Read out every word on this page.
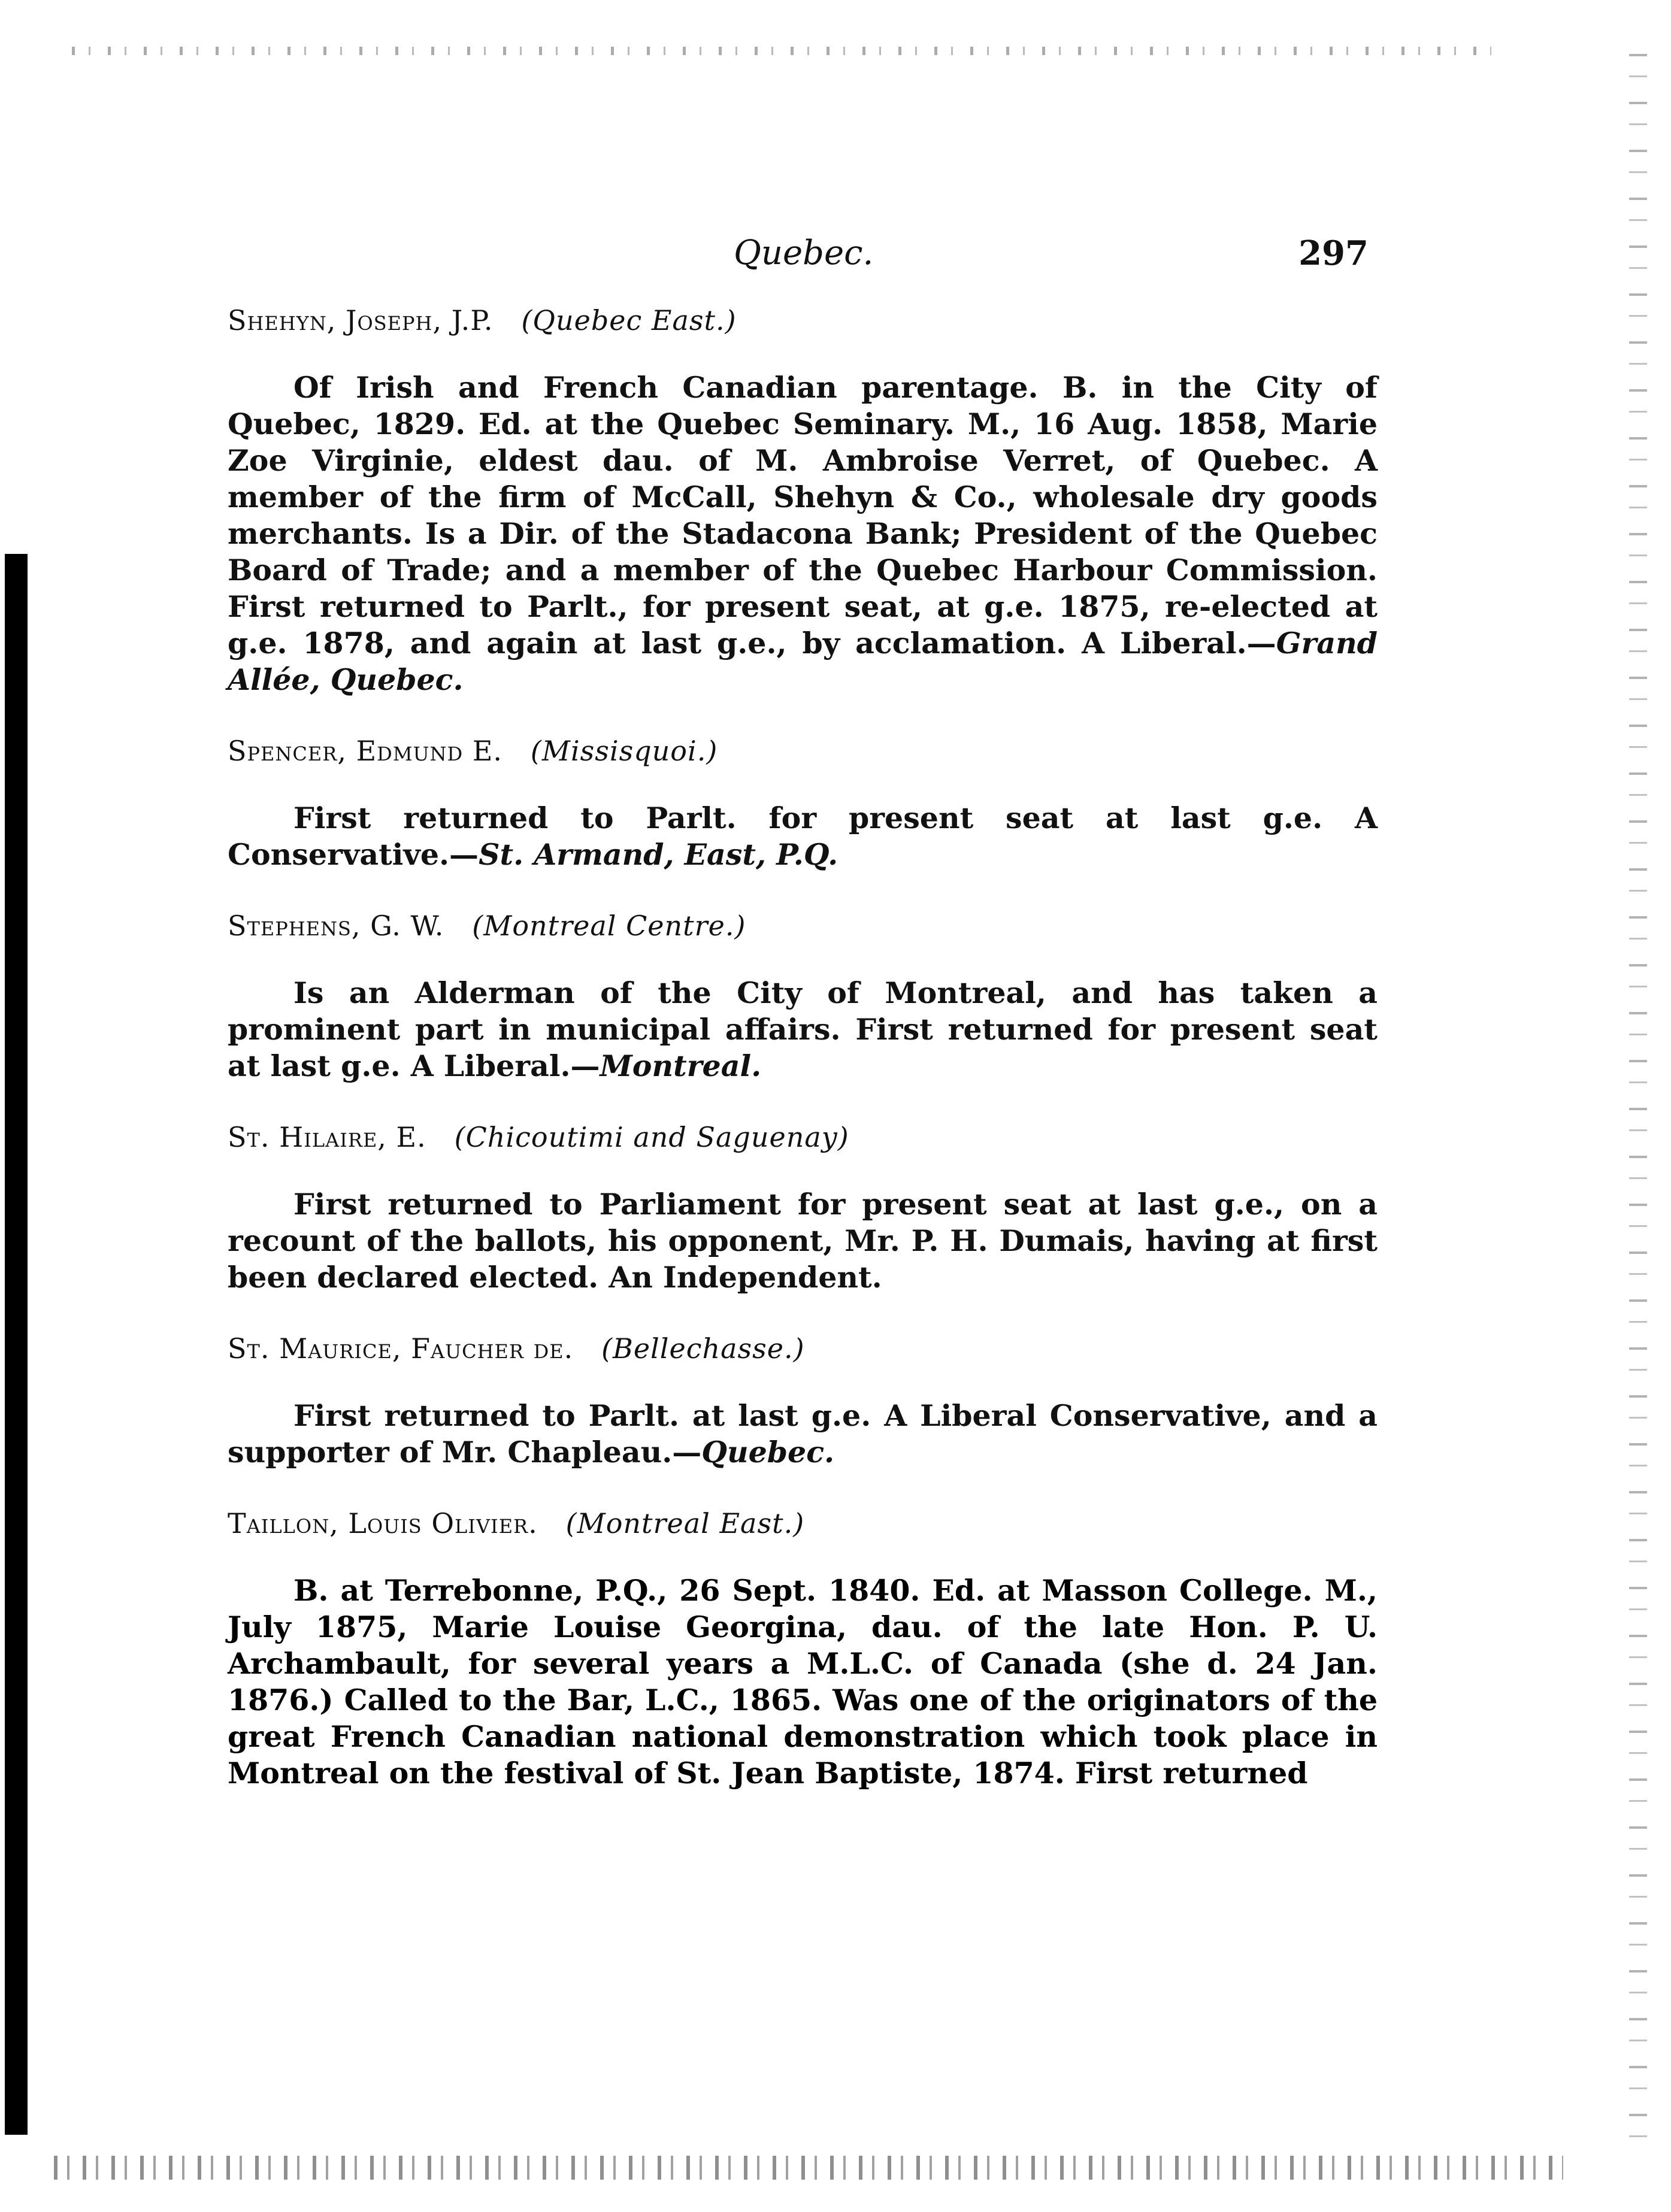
Quebec.	297

Shehyn, Joseph, J.P. (Quebec East.)

Of Irish and French Canadian parentage. B. in the City of Quebec, 1829. Ed. at the Quebec Seminary. M., 16 Aug. 1858, Marie Zoe Virginie, eldest dau. of M. Ambroise Verret, of Quebec. A member of the firm of McCall, Shehyn & Co., wholesale dry goods merchants. Is a Dir. of the Stadacona Bank; President of the Quebec Board of Trade; and a member of the Quebec Harbour Commission. First returned to Parlt., for present seat, at g.e. 1875, re-elected at g.e. 1878, and again at last g.e., by acclamation. A Liberal.—Grand Allée, Quebec.

Spencer, Edmund E. (Missisquoi.)

First returned to Parlt. for present seat at last g.e. A Conservative.—St. Armand, East, P.Q.

Stephens, G. W. (Montreal Centre.)

Is an Alderman of the City of Montreal, and has taken a prominent part in municipal affairs. First returned for present seat at last g.e. A Liberal.—Montreal.

St. Hilaire, E. (Chicoutimi and Saguenay)

First returned to Parliament for present seat at last g.e., on a recount of the ballots, his opponent, Mr. P. H. Dumais, having at first been declared elected. An Independent.

St. Maurice, Faucher de. (Bellechasse.)

First returned to Parlt. at last g.e. A Liberal Conservative, and a supporter of Mr. Chapleau.—Quebec.

Taillon, Louis Olivier. (Montreal East.)

B. at Terrebonne, P.Q., 26 Sept. 1840. Ed. at Masson College. M., July 1875, Marie Louise Georgina, dau. of the late Hon. P. U. Archambault, for several years a M.L.C. of Canada (she d. 24 Jan. 1876.) Called to the Bar, L.C., 1865. Was one of the originators of the great French Canadian national demonstration which took place in Montreal on the festival of St. Jean Baptiste, 1874. First returned
